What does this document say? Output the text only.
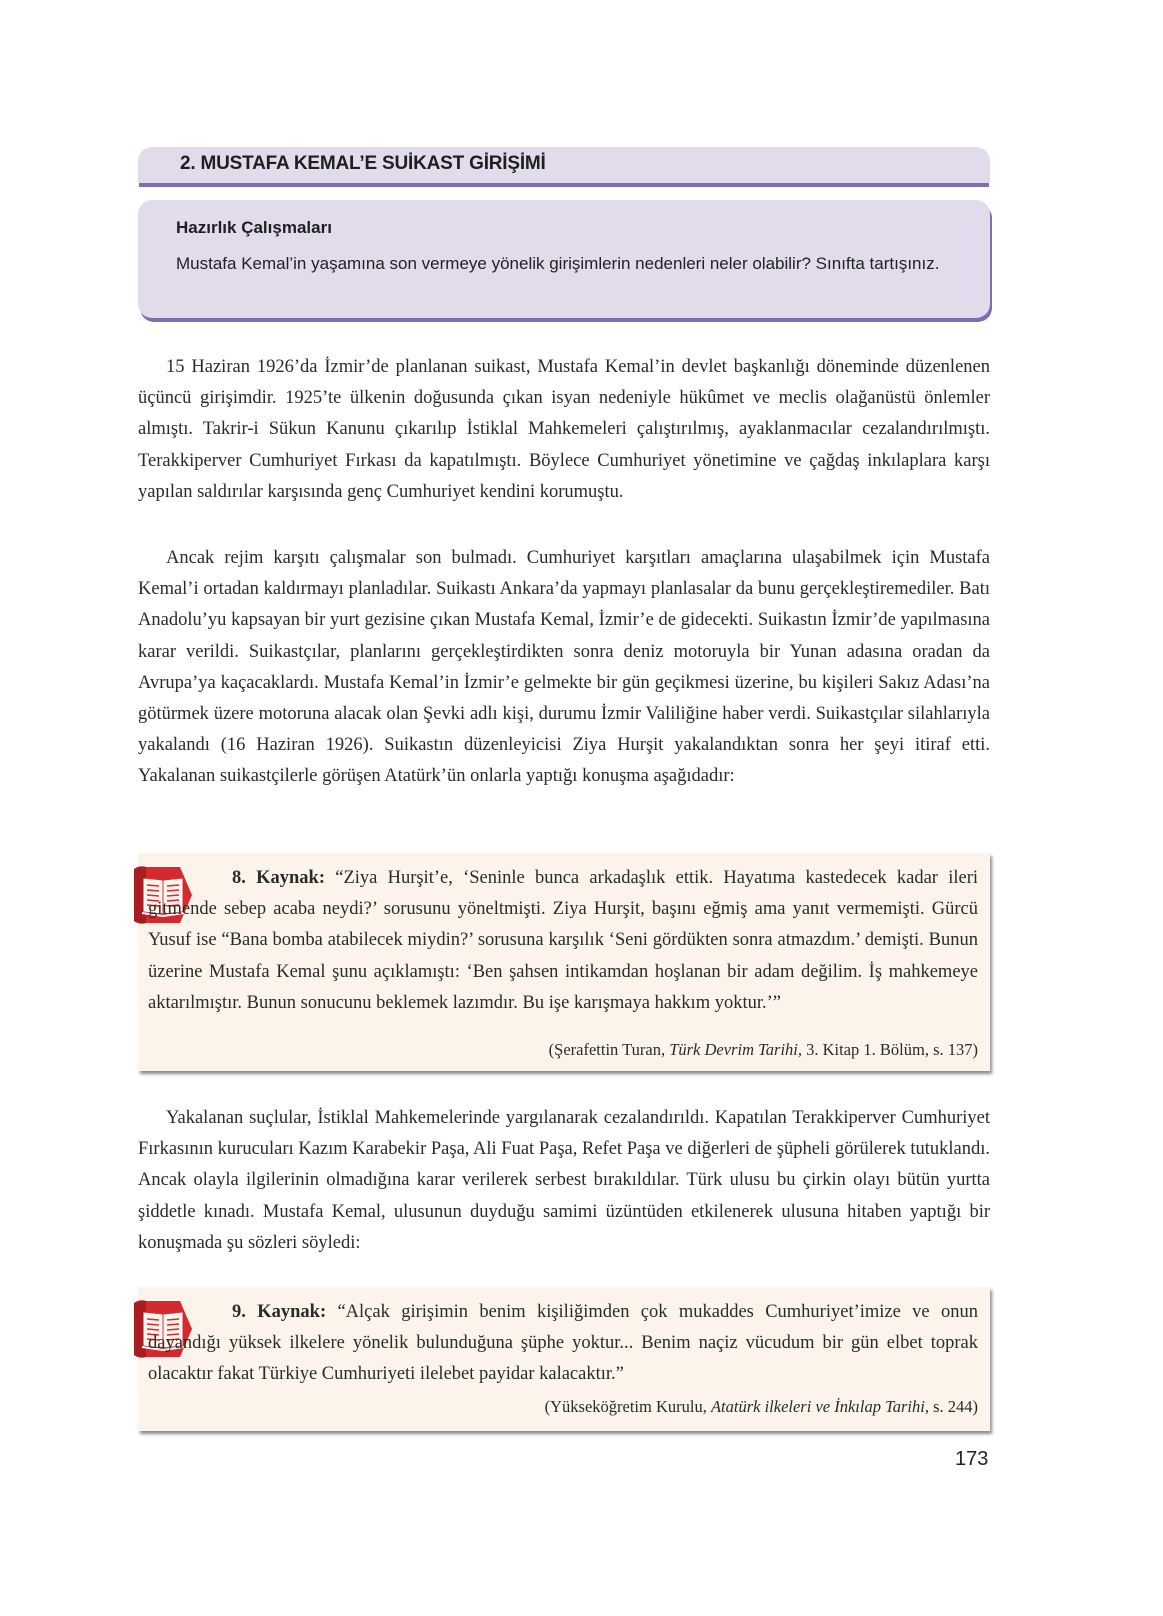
2. MUSTAFA KEMAL’E SUİKAST GİRİŞİMİ
Hazırlık Çalışmaları
Mustafa Kemal’in yaşamına son vermeye yönelik girişimlerin nedenleri neler olabilir? Sınıfta tartışınız.
15 Haziran 1926’da İzmir’de planlanan suikast, Mustafa Kemal’in devlet başkanlığı döneminde düzenlenen üçüncü girişimdir. 1925’te ülkenin doğusunda çıkan isyan nedeniyle hükûmet ve meclis olağanüstü önlemler almıştı. Takrir-i Sükun Kanunu çıkarılıp İstiklal Mahkemeleri çalıştırılmış, ayaklanmacılar cezalandırılmıştı. Terakkiperver Cumhuriyet Fırkası da kapatılmıştı. Böylece Cumhuriyet yönetimine ve çağdaş inkılaplara karşı yapılan saldırılar karşısında genç Cumhuriyet kendini korumuştu.
Ancak rejim karşıtı çalışmalar son bulmadı. Cumhuriyet karşıtları amaçlarına ulaşabilmek için Mustafa Kemal’i ortadan kaldırmayı planladılar. Suikastı Ankara’da yapmayı planlasalar da bunu gerçekleştiremediler. Batı Anadolu’yu kapsayan bir yurt gezisine çıkan Mustafa Kemal, İzmir’e de gidecekti. Suikastın İzmir’de yapılmasına karar verildi. Suikastçılar, planlarını gerçekleştirdikten sonra deniz motoruyla bir Yunan adasına oradan da Avrupa’ya kaçacaklardı. Mustafa Kemal’in İzmir’e gelmekte bir gün geçikmesi üzerine, bu kişileri Sakız Adası’na götürmek üzere motoruna alacak olan Şevki adlı kişi, durumu İzmir Valiliğine haber verdi. Suikastçılar silahlarıyla yakalandı (16 Haziran 1926). Suikastın düzenleyicisi Ziya Hurşit yakalandıktan sonra her şeyi itiraf etti. Yakalanan suikastçilerle görüşen Atatürk’ün onlarla yaptığı konuşma aşağıdadır:
8. Kaynak: “Ziya Hurşit’e, ‘Seninle bunca arkadaşlık ettik. Hayatıma kastedecek kadar ileri gitmende sebep acaba neydi?’ sorusunu yöneltmişti. Ziya Hurşit, başını eğmiş ama yanıt vermemişti. Gürcü Yusuf ise “Bana bomba atabilecek miydin?’ sorusuna karşılık ‘Seni gördükten sonra atmazdım.’ demişti. Bunun üzerine Mustafa Kemal şunu açıklamıştı: ‘Ben şahsen intikamdan hoşlanan bir adam değilim. İş mahkemeye aktarılmıştır. Bunun sonucunu beklemek lazımdır. Bu işe karışmaya hakkım yoktur.’”
(Şerafettin Turan, Türk Devrim Tarihi, 3. Kitap 1. Bölüm, s. 137)
Yakalanan suçlular, İstiklal Mahkemelerinde yargılanarak cezalandırıldı. Kapatılan Terakkiperver Cumhuriyet Fırkasının kurucuları Kazım Karabekir Paşa, Ali Fuat Paşa, Refet Paşa ve diğerleri de şüpheli görülerek tutuklandı. Ancak olayla ilgilerinin olmadığına karar verilerek serbest bırakıldılar. Türk ulusu bu çirkin olayı bütün yurtta şiddetle kınadı. Mustafa Kemal, ulusunun duyduğu samimi üzüntüden etkilenerek ulusuna hitaben yaptığı bir konuşmada şu sözleri söyledi:
9. Kaynak: “Alçak girişimin benim kişiliğimden çok mukaddes Cumhuriyet’imize ve onun dayandığı yüksek ilkelere yönelik bulunduğuna şüphe yoktur... Benim naçiz vücudum bir gün elbet toprak olacaktır fakat Türkiye Cumhuriyeti ilelebet payidar kalacaktır.”
(Yükseköğretim Kurulu, Atatürk ilkeleri ve İnkılap Tarihi, s. 244)
173
